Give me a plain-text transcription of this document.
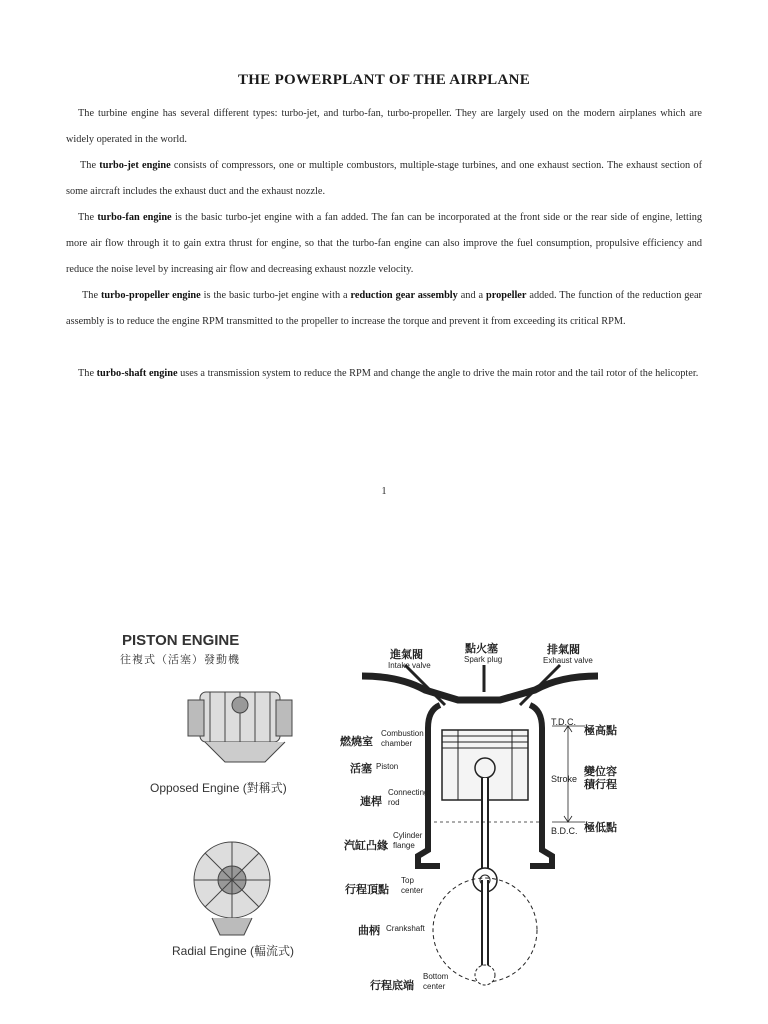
THE POWERPLANT OF THE AIRPLANE
The turbine engine has several different types: turbo-jet, and turbo-fan, turbo-propeller. They are largely used on the modern airplanes which are widely operated in the world.
The turbo-jet engine consists of compressors, one or multiple combustors, multiple-stage turbines, and one exhaust section. The exhaust section of some aircraft includes the exhaust duct and the exhaust nozzle.
The turbo-fan engine is the basic turbo-jet engine with a fan added. The fan can be incorporated at the front side or the rear side of engine, letting more air flow through it to gain extra thrust for engine, so that the turbo-fan engine can also improve the fuel consumption, propulsive efficiency and reduce the noise level by increasing air flow and decreasing exhaust nozzle velocity.
The turbo-propeller engine is the basic turbo-jet engine with a reduction gear assembly and a propeller added. The function of the reduction gear assembly is to reduce the engine RPM transmitted to the propeller to increase the torque and prevent it from exceeding its critical RPM.
The turbo-shaft engine uses a transmission system to reduce the RPM and change the angle to drive the main rotor and the tail rotor of the helicopter.
1
PISTON ENGINE
往複式（活塞）發動機
Opposed Engine (對稱式)
Radial Engine (輻流式)
進氣閥
Intake valve
點火塞
Spark plug
排氣閥
Exhaust valve
燃燒室
Combustion chamber
活塞 Piston
連桿
Connecting rod
汽缸凸緣
Cylinder flange
行程頂點
Top center
曲柄 Crankshaft
行程底端
Bottom center
T.D.C.
極高點
Stroke
變位容積行程
B.D.C. 極低點
